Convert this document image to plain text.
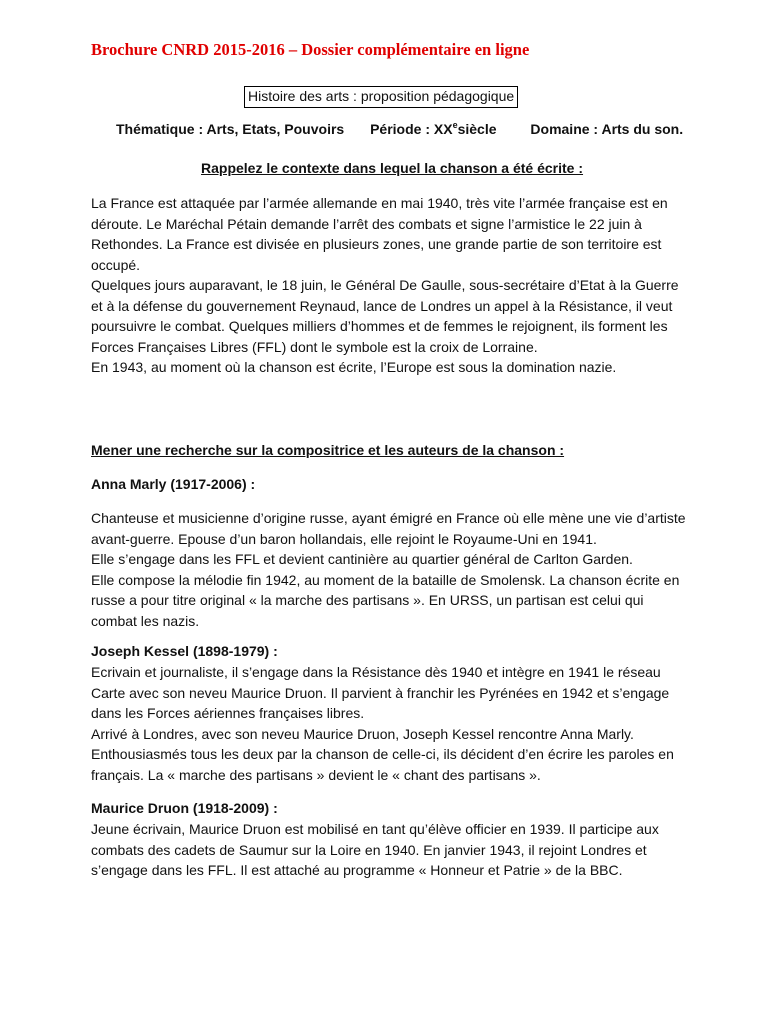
Brochure CNRD 2015-2016 – Dossier complémentaire en ligne
Histoire des arts : proposition pédagogique
Thématique : Arts, Etats, Pouvoirs Période : XXesiècle Domaine : Arts du son.
Rappelez le contexte dans lequel la chanson a été écrite :

La France est attaquée par l’armée allemande en mai 1940, très vite l’armée française est en déroute. Le Maréchal Pétain demande l’arrêt des combats et signe l’armistice le 22 juin à Rethondes. La France est divisée en plusieurs zones, une grande partie de son territoire est occupé.

Quelques jours auparavant, le 18 juin, le Général De Gaulle, sous-secrétaire d’Etat à la Guerre et à la défense du gouvernement Reynaud, lance de Londres un appel à la Résistance, il veut poursuivre le combat. Quelques milliers d’hommes et de femmes le rejoignent, ils forment les Forces Françaises Libres (FFL) dont le symbole est la croix de Lorraine.

En 1943, au moment où la chanson est écrite, l’Europe est sous la domination nazie.

Mener une recherche sur la compositrice et les auteurs de la chanson :
Anna Marly (1917-2006) :

Chanteuse et musicienne d’origine russe, ayant émigré en France où elle mène une vie d’artiste avant-guerre. Epouse d’un baron hollandais, elle rejoint le Royaume-Uni en 1941.

Elle s’engage dans les FFL et devient cantinière au quartier général de Carlton Garden.

Elle compose la mélodie fin 1942, au moment de la bataille de Smolensk. La chanson écrite en russe a pour titre original « la marche des partisans ». En URSS, un partisan est celui qui combat les nazis.

Joseph Kessel (1898-1979) :

Ecrivain et journaliste, il s’engage dans la Résistance dès 1940 et intègre en 1941 le réseau Carte avec son neveu Maurice Druon. Il parvient à franchir les Pyrénées en 1942 et s’engage dans les Forces aériennes françaises libres.

Arrivé à Londres, avec son neveu Maurice Druon, Joseph Kessel rencontre Anna Marly. Enthousiasmés tous les deux par la chanson de celle-ci, ils décident d’en écrire les paroles en français. La « marche des partisans » devient le « chant des partisans ».

Maurice Druon (1918-2009) :

Jeune écrivain, Maurice Druon est mobilisé en tant qu’élève officier en 1939. Il participe aux combats des cadets de Saumur sur la Loire en 1940. En janvier 1943, il rejoint Londres et s’engage dans les FFL. Il est attaché au programme « Honneur et Patrie » de la BBC.
